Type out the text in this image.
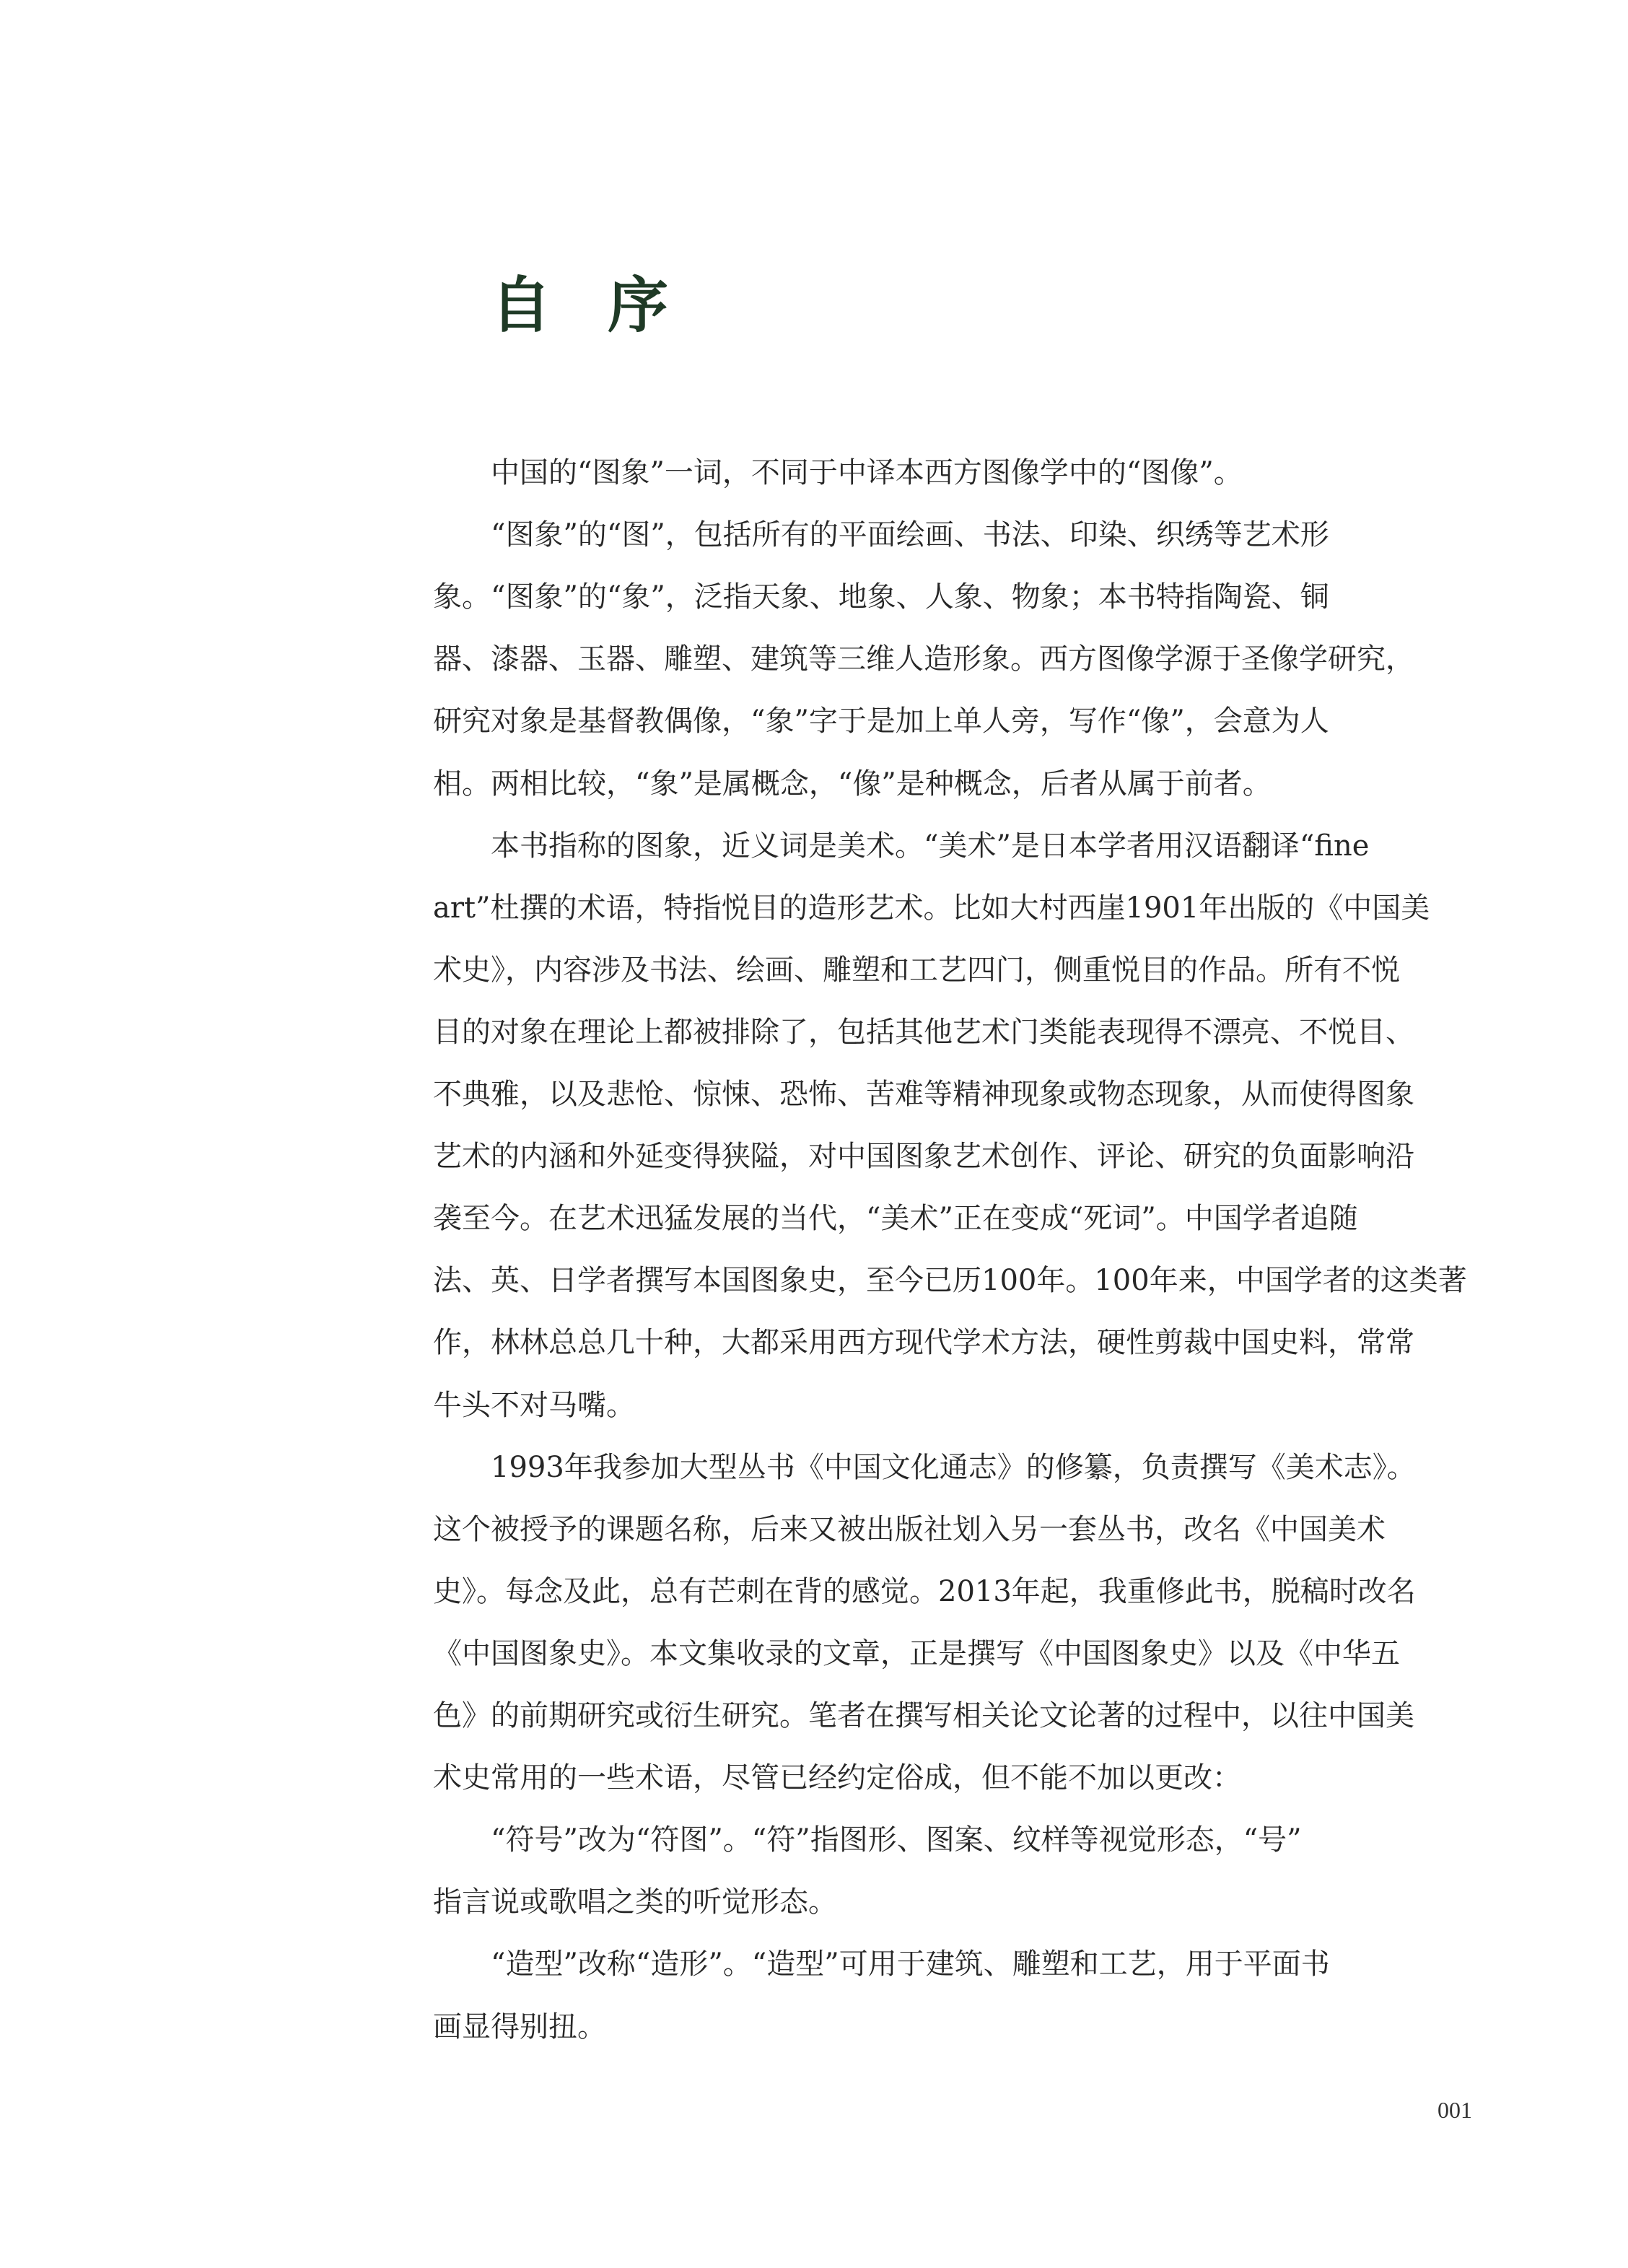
自 序
　　中国的“图象”一词，不同于中译本西方图像学中的“图像”。
　　“图象”的“图”，包括所有的平面绘画、书法、印染、织绣等艺术形
象。“图象”的“象”，泛指天象、地象、人象、物象；本书特指陶瓷、铜
器、漆器、玉器、雕塑、建筑等三维人造形象。西方图像学源于圣像学研究，
研究对象是基督教偶像，“象”字于是加上单人旁，写作“像”，会意为人
相。两相比较，“象”是属概念，“像”是种概念，后者从属于前者。
　　本书指称的图象，近义词是美术。“美术”是日本学者用汉语翻译“fine
art”杜撰的术语，特指悦目的造形艺术。比如大村西崖1901年出版的《中国美
术史》，内容涉及书法、绘画、雕塑和工艺四门，侧重悦目的作品。所有不悦
目的对象在理论上都被排除了，包括其他艺术门类能表现得不漂亮、不悦目、
不典雅，以及悲怆、惊悚、恐怖、苦难等精神现象或物态现象，从而使得图象
艺术的内涵和外延变得狭隘，对中国图象艺术创作、评论、研究的负面影响沿
袭至今。在艺术迅猛发展的当代，“美术”正在变成“死词”。中国学者追随
法、英、日学者撰写本国图象史，至今已历100年。100年来，中国学者的这类著
作，林林总总几十种，大都采用西方现代学术方法，硬性剪裁中国史料，常常
牛头不对马嘴。
　　1993年我参加大型丛书《中国文化通志》的修纂，负责撰写《美术志》。
这个被授予的课题名称，后来又被出版社划入另一套丛书，改名《中国美术
史》。每念及此，总有芒刺在背的感觉。2013年起，我重修此书，脱稿时改名
《中国图象史》。本文集收录的文章，正是撰写《中国图象史》以及《中华五
色》的前期研究或衍生研究。笔者在撰写相关论文论著的过程中，以往中国美
术史常用的一些术语，尽管已经约定俗成，但不能不加以更改：
　　“符号”改为“符图”。“符”指图形、图案、纹样等视觉形态，“号”
指言说或歌唱之类的听觉形态。
　　“造型”改称“造形”。“造型”可用于建筑、雕塑和工艺，用于平面书
画显得别扭。
001
